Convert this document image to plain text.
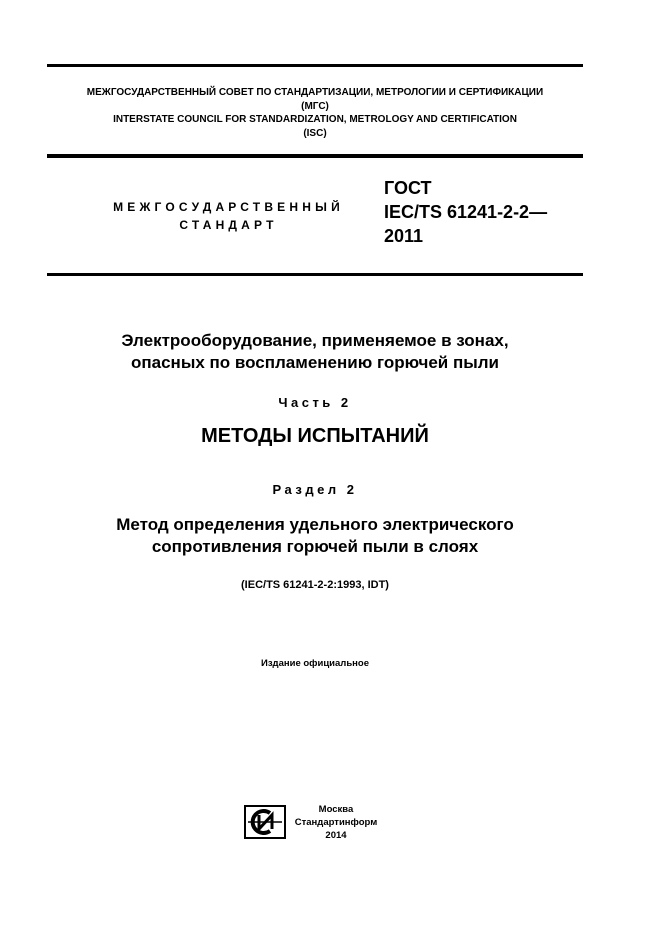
МЕЖГОСУДАРСТВЕННЫЙ СОВЕТ ПО СТАНДАРТИЗАЦИИ, МЕТРОЛОГИИ И СЕРТИФИКАЦИИ
(МГС)
INTERSTATE COUNCIL FOR STANDARDIZATION, METROLOGY AND CERTIFICATION
(ISC)
МЕЖГОСУДАРСТВЕННЫЙ
СТАНДАРТ
ГОСТ
IEC/TS 61241-2-2—
2011
Электрооборудование, применяемое в зонах,
опасных по воспламенению горючей пыли
Часть 2
МЕТОДЫ ИСПЫТАНИЙ
Раздел 2
Метод определения удельного электрического
сопротивления горючей пыли в слоях
(IEC/TS 61241-2-2:1993, IDT)
Издание официальное
Москва
Стандартинформ
2014
